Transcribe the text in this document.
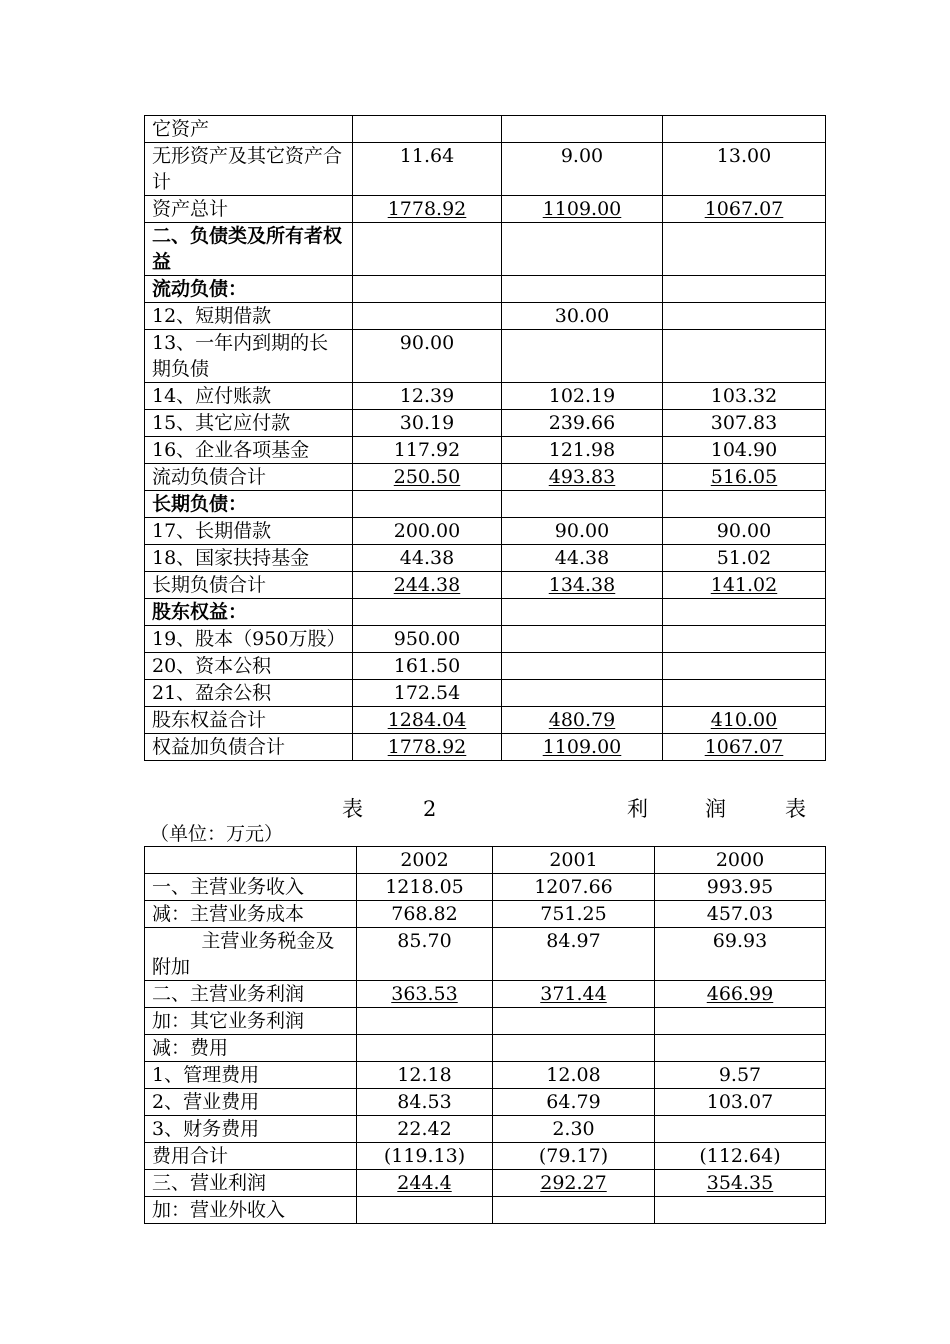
它资产			
无形资产及其它资产合计	11.64	9.00	13.00
资产总计	1778.92	1109.00	1067.07
二、负债类及所有者权益			
流动负债：			
12、短期借款		30.00	
13、一年内到期的长期负债	90.00		
14、应付账款	12.39	102.19	103.32
15、其它应付款	30.19	239.66	307.83
16、企业各项基金	117.92	121.98	104.90
流动负债合计	250.50	493.83	516.05
长期负债：			
17、长期借款	200.00	90.00	90.00
18、国家扶持基金	44.38	44.38	51.02
长期负债合计	244.38	134.38	141.02
股东权益：			
19、股本（950万股）	950.00		
20、资本公积	161.50		
21、盈余公积	172.54		
股东权益合计	1284.04	480.79	410.00
权益加负债合计	1778.92	1109.00	1067.07
表	2	利	润	表
（单位：万元）
	2002	2001	2000
一、主营业务收入	1218.05	1207.66	993.95
减：主营业务成本	768.82	751.25	457.03
主营业务税金及附加	85.70	84.97	69.93
二、主营业务利润	363.53	371.44	466.99
加：其它业务利润			
减：费用			
1、管理费用	12.18	12.08	9.57
2、营业费用	84.53	64.79	103.07
3、财务费用	22.42	2.30	
费用合计	(119.13)	(79.17)	(112.64)
三、营业利润	244.4	292.27	354.35
加：营业外收入			
